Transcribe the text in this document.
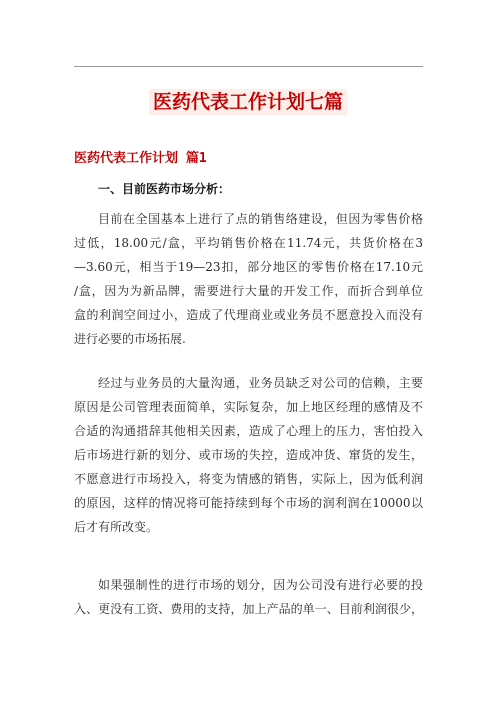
医药代表工作计划七篇
医药代表工作计划 篇1
一、目前医药市场分析：
目前在全国基本上进行了点的销售络建设，但因为零售价格
过低，18.00元/盒，平均销售价格在11.74元，共货价格在3
—3.60元，相当于19—23扣，部分地区的零售价格在17.10元
/盒，因为为新品牌，需要进行大量的开发工作，而折合到单位
盒的利润空间过小，造成了代理商业或业务员不愿意投入而没有
进行必要的市场拓展.
经过与业务员的大量沟通，业务员缺乏对公司的信赖，主要
原因是公司管理表面简单，实际复杂，加上地区经理的感情及不
合适的沟通措辞其他相关因素，造成了心理上的压力，害怕投入
后市场进行新的划分、或市场的失控，造成冲货、窜货的发生，
不愿意进行市场投入，将变为情感的销售，实际上，因为低利润
的原因，这样的情况将可能持续到每个市场的润利润在10000以
后才有所改变。
如果强制性的进行市场的划分，因为公司没有进行必要的投
入、更没有工资、费用的支持，加上产品的单一、目前利润很少，
